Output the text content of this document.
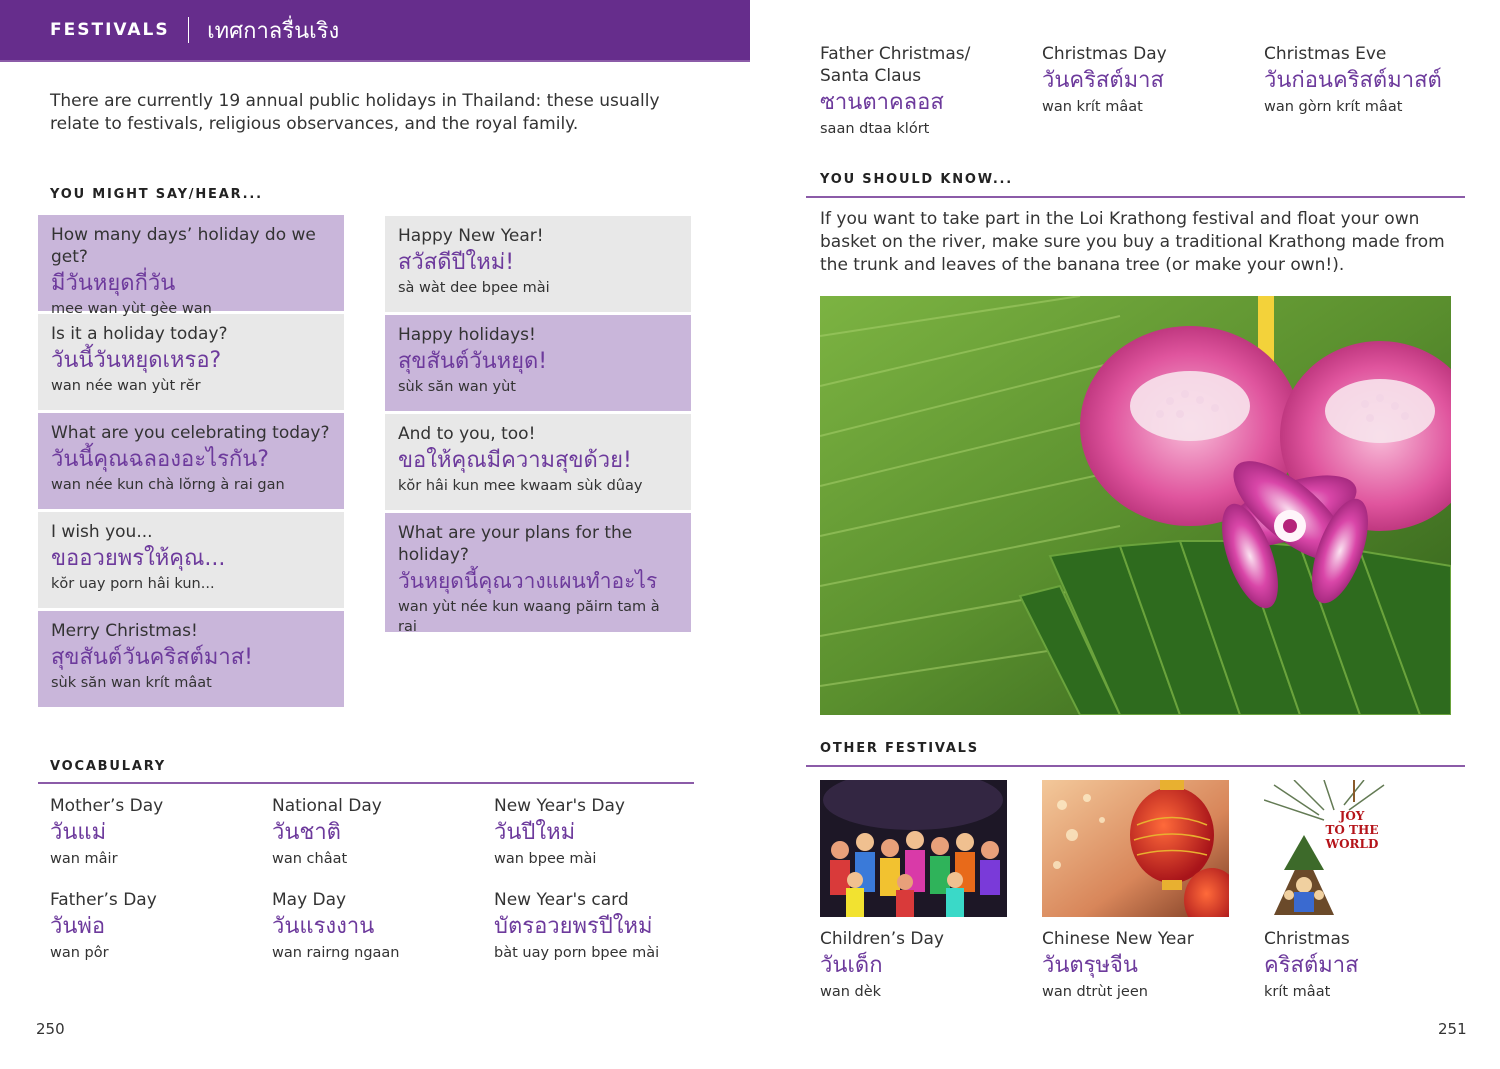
FESTIVALS เทศกาลรื่นเริง

There are currently 19 annual public holidays in Thailand: these usually relate to festivals, religious observances, and the royal family.

YOU MIGHT SAY/HEAR...
How many days’ holiday do we get?
มีวันหยุดกี่วัน
mee wan yùt gèe wan
Is it a holiday today?
วันนี้วันหยุดเหรอ?
wan née wan yùt rĕr
What are you celebrating today?
วันนี้คุณฉลองอะไรกัน?
wan née kun chà lŏrng à rai gan
I wish you...
ขออวยพรให้คุณ...
kŏr uay porn hâi kun...
Merry Christmas!
สุขสันต์วันคริสต์มาส!
sùk săn wan krít mâat
Happy New Year!
สวัสดีปีใหม่!
sà wàt dee bpee mài
Happy holidays!
สุขสันต์วันหยุด!
sùk săn wan yùt
And to you, too!
ขอให้คุณมีความสุขด้วย!
kŏr hâi kun mee kwaam sùk dûay
What are your plans for the holiday?
วันหยุดนี้คุณวางแผนทำอะไร
wan yùt née kun waang păirn tam à rai
VOCABULARY
Mother’s Day
วันแม่
wan mâir
National Day
วันชาติ
wan châat
New Year's Day
วันปีใหม่
wan bpee mài
Father’s Day
วันพ่อ
wan pôr
May Day
วันแรงงาน
wan rairng ngaan
New Year's card
บัตรอวยพรปีใหม่
bàt uay porn bpee mài
250
Father Christmas/ Santa Claus
ซานตาคลอส
saan dtaa klórt
Christmas Day
วันคริสต์มาส
wan krít mâat
Christmas Eve
วันก่อนคริสต์มาสต์
wan gòrn krít mâat
YOU SHOULD KNOW...

If you want to take part in the Loi Krathong festival and float your own basket on the river, make sure you buy a traditional Krathong made from the trunk and leaves of the banana tree (or make your own!).

OTHER FESTIVALS
JOY
TO THE
WORLD
Children’s Day
วันเด็ก
wan dèk
Chinese New Year
วันตรุษจีน
wan dtrùt jeen
Christmas
คริสต์มาส
krít mâat
251
